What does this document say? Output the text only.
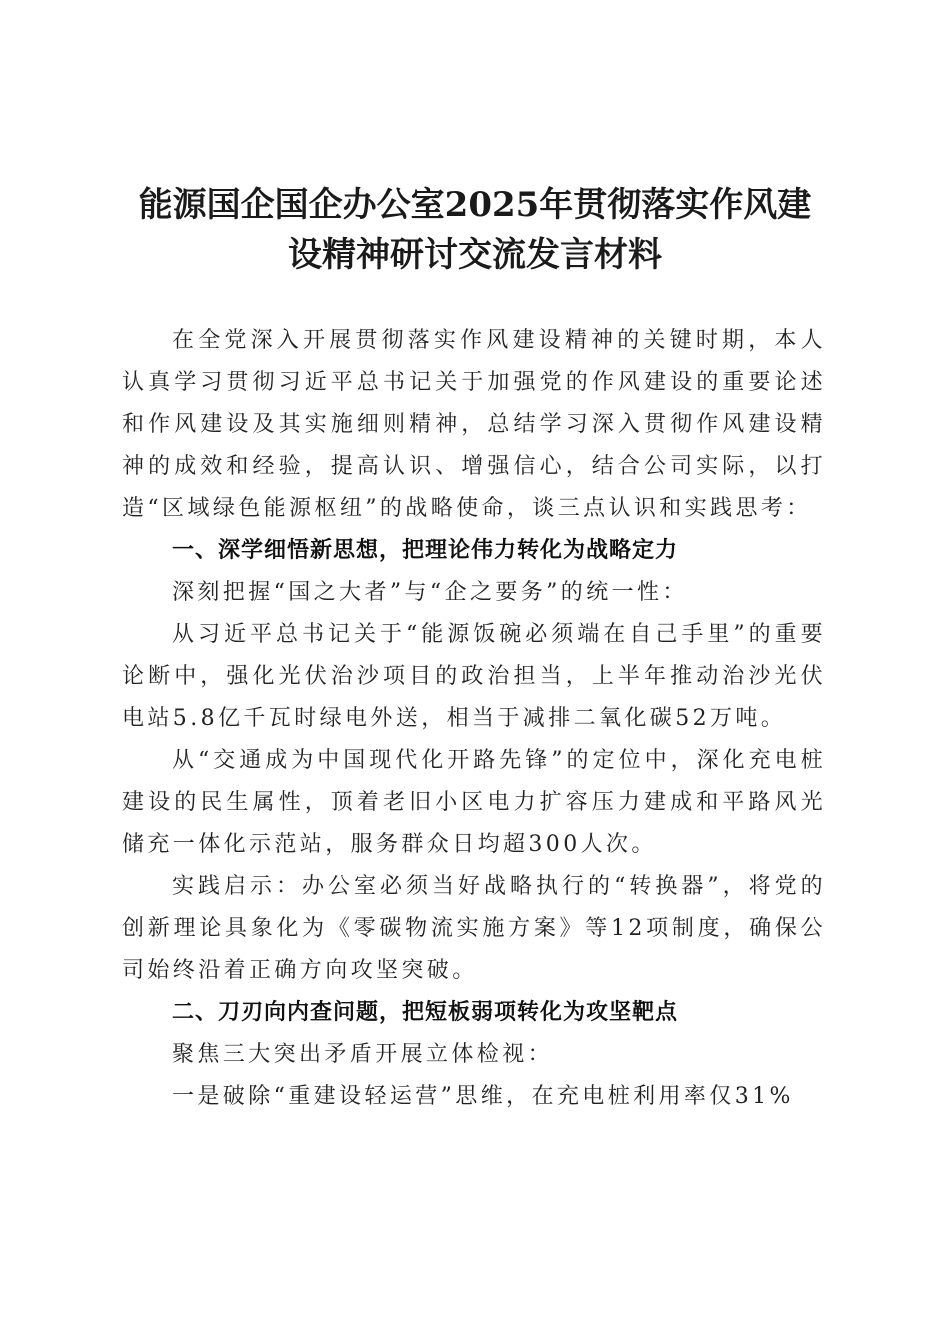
能源国企国企办公室2025年贯彻落实作风建
设精神研讨交流发言材料

在全党深入开展贯彻落实作风建设精神的关键时期，本人认真学习贯彻习近平总书记关于加强党的作风建设的重要论述和作风建设及其实施细则精神，总结学习深入贯彻作风建设精神的成效和经验，提高认识、增强信心，结合公司实际，以打造“区域绿色能源枢纽”的战略使命，谈三点认识和实践思考：

一、深学细悟新思想，把理论伟力转化为战略定力

深刻把握“国之大者”与“企之要务”的统一性：

从习近平总书记关于“能源饭碗必须端在自己手里”的重要论断中，强化光伏治沙项目的政治担当，上半年推动治沙光伏电站5.8亿千瓦时绿电外送，相当于减排二氧化碳52万吨。

从“交通成为中国现代化开路先锋”的定位中，深化充电桩建设的民生属性，顶着老旧小区电力扩容压力建成和平路风光储充一体化示范站，服务群众日均超300人次。

实践启示：办公室必须当好战略执行的“转换器”，将党的创新理论具象化为《零碳物流实施方案》等12项制度，确保公司始终沿着正确方向攻坚突破。

二、刀刃向内查问题，把短板弱项转化为攻坚靶点

聚焦三大突出矛盾开展立体检视：

一是破除“重建设轻运营”思维，在充电桩利用率仅31%
